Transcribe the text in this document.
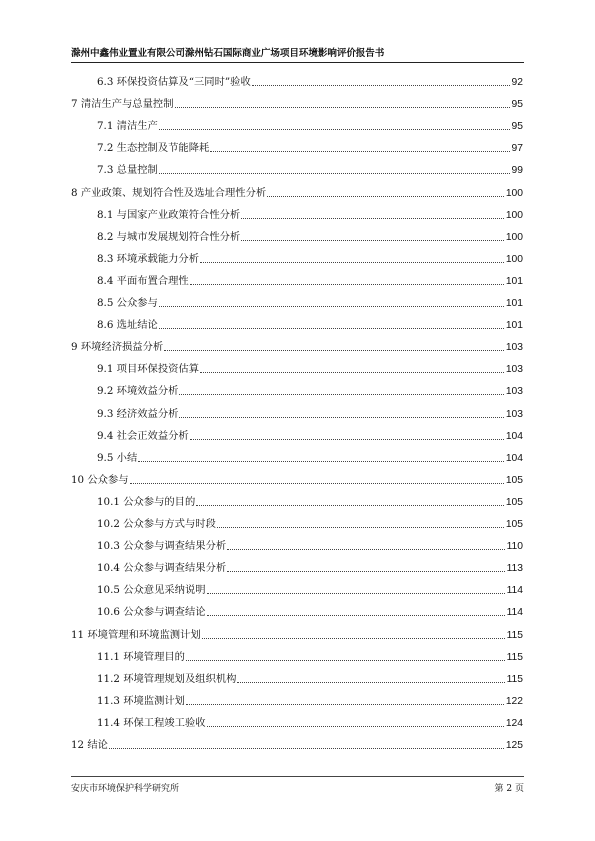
滁州中鑫伟业置业有限公司滁州钻石国际商业广场项目环境影响评价报告书
6.3 环保投资估算及“三同时”验收	92
7 清洁生产与总量控制	95
7.1 清洁生产	95
7.2 生态控制及节能降耗	97
7.3 总量控制	99
8 产业政策、规划符合性及选址合理性分析	100
8.1 与国家产业政策符合性分析	100
8.2 与城市发展规划符合性分析	100
8.3 环境承载能力分析	100
8.4 平面布置合理性	101
8.5 公众参与	101
8.6 选址结论	101
9 环境经济损益分析	103
9.1 项目环保投资估算	103
9.2 环境效益分析	103
9.3 经济效益分析	103
9.4 社会正效益分析	104
9.5 小结	104
10 公众参与	105
10.1 公众参与的目的	105
10.2 公众参与方式与时段	105
10.3 公众参与调查结果分析	110
10.4 公众参与调查结果分析	113
10.5 公众意见采纳说明	114
10.6 公众参与调查结论	114
11 环境管理和环境监测计划	115
11.1 环境管理目的	115
11.2 环境管理规划及组织机构	115
11.3 环境监测计划	122
11.4 环保工程竣工验收	124
12 结论	125
安庆市环境保护科学研究所	第 2 页
